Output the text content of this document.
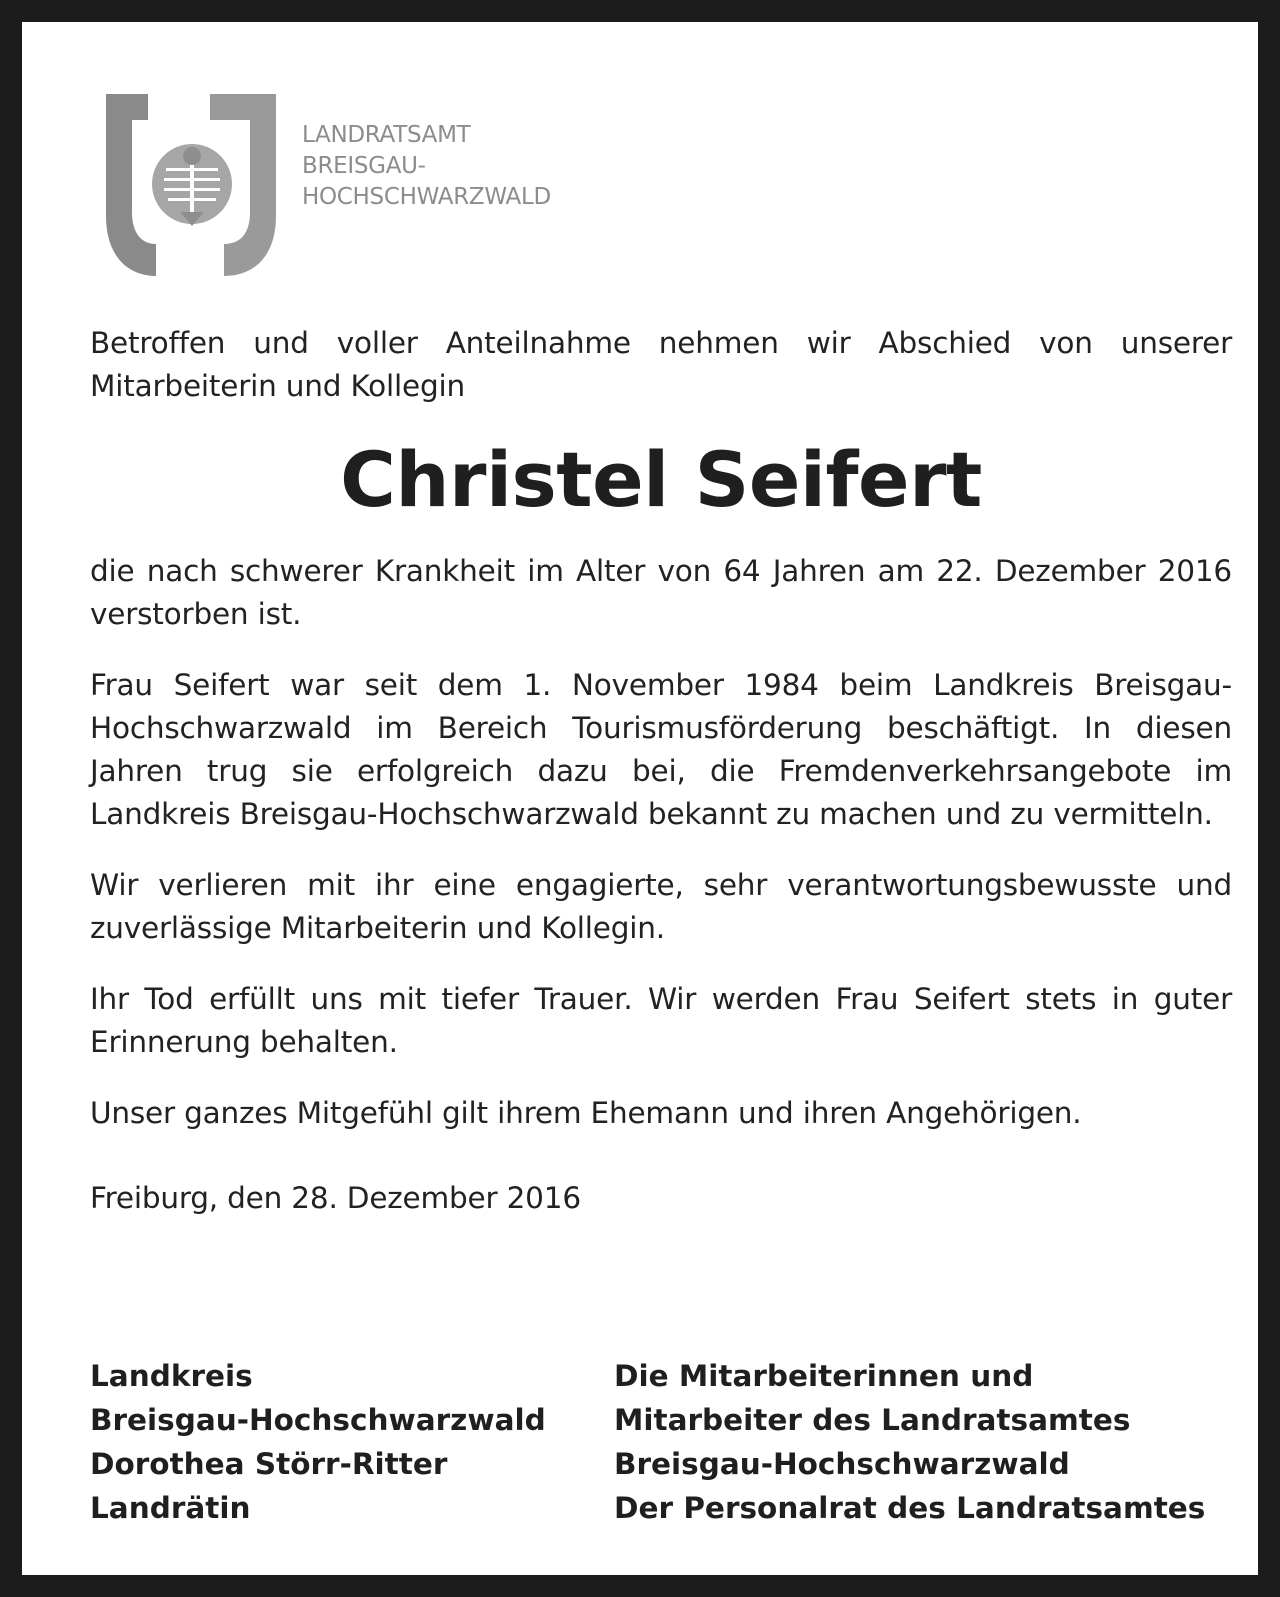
LANDRATSAMT
BREISGAU-
HOCHSCHWARZWALD

Betroffen und voller Anteilnahme nehmen wir Abschied von unserer Mitarbeiterin und Kollegin

Christel Seifert

die nach schwerer Krankheit im Alter von 64 Jahren am 22. Dezember 2016 verstorben ist.

Frau Seifert war seit dem 1. November 1984 beim Landkreis Breisgau-Hochschwarzwald im Bereich Tourismusförderung beschäftigt. In diesen Jahren trug sie erfolgreich dazu bei, die Fremdenverkehrsangebote im Landkreis Breisgau-Hochschwarzwald bekannt zu machen und zu vermitteln.

Wir verlieren mit ihr eine engagierte, sehr verantwortungsbewusste und zuverlässige Mitarbeiterin und Kollegin.

Ihr Tod erfüllt uns mit tiefer Trauer. Wir werden Frau Seifert stets in guter Erinnerung behalten.

Unser ganzes Mitgefühl gilt ihrem Ehemann und ihren Angehörigen.

Freiburg, den 28. Dezember 2016

Landkreis
Breisgau-Hochschwarzwald
Dorothea Störr-Ritter
Landrätin
Die Mitarbeiterinnen und
Mitarbeiter des Landratsamtes
Breisgau-Hochschwarzwald
Der Personalrat des Landratsamtes
